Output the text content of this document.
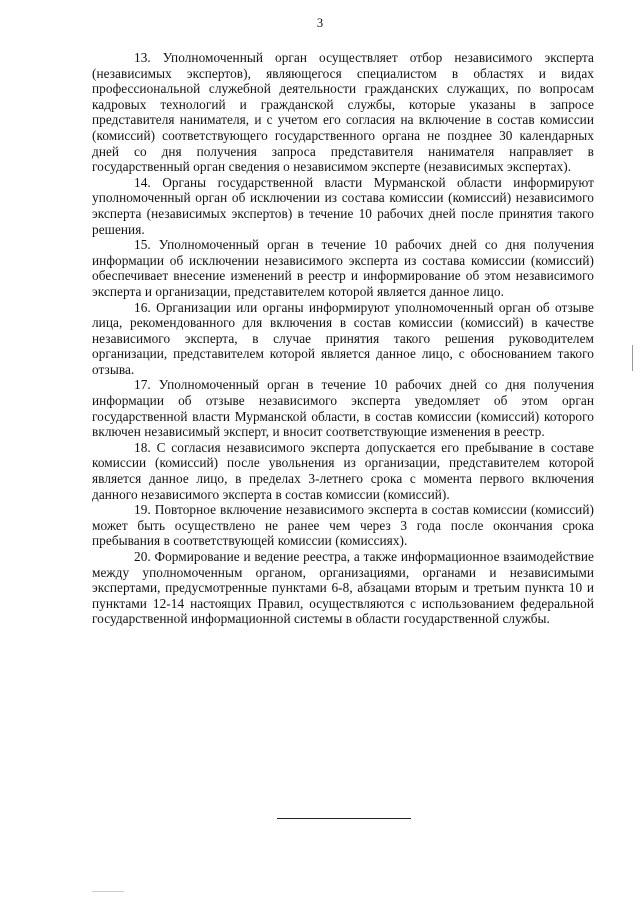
3

13. Уполномоченный орган осуществляет отбор независимого эксперта (независимых экспертов), являющегося специалистом в областях и видах профессиональной служебной деятельности гражданских служащих, по вопросам кадровых технологий и гражданской службы, которые указаны в запросе представителя нанимателя, и с учетом его согласия на включение в состав комиссии (комиссий) соответствующего государственного органа не позднее 30 календарных дней со дня получения запроса представителя нанимателя направляет в государственный орган сведения о независимом эксперте (независимых экспертах).

14. Органы государственной власти Мурманской области информируют уполномоченный орган об исключении из состава комиссии (комиссий) независимого эксперта (независимых экспертов) в течение 10 рабочих дней после принятия такого решения.

15. Уполномоченный орган в течение 10 рабочих дней со дня получения информации об исключении независимого эксперта из состава комиссии (комиссий) обеспечивает внесение изменений в реестр и информирование об этом независимого эксперта и организации, представителем которой является данное лицо.

16. Организации или органы информируют уполномоченный орган об отзыве лица, рекомендованного для включения в состав комиссии (комиссий) в качестве независимого эксперта, в случае принятия такого решения руководителем организации, представителем которой является данное лицо, с обоснованием такого отзыва.

17. Уполномоченный орган в течение 10 рабочих дней со дня получения информации об отзыве независимого эксперта уведомляет об этом орган государственной власти Мурманской области, в состав комиссии (комиссий) которого включен независимый эксперт, и вносит соответствующие изменения в реестр.

18. С согласия независимого эксперта допускается его пребывание в составе комиссии (комиссий) после увольнения из организации, представителем которой является данное лицо, в пределах 3-летнего срока с момента первого включения данного независимого эксперта в состав комиссии (комиссий).

19. Повторное включение независимого эксперта в состав комиссии (комиссий) может быть осуществлено не ранее чем через 3 года после окончания срока пребывания в соответствующей комиссии (комиссиях).

20. Формирование и ведение реестра, а также информационное взаимодействие между уполномоченным органом, организациями, органами и независимыми экспертами, предусмотренные пунктами 6-8, абзацами вторым и третьим пункта 10 и пунктами 12-14 настоящих Правил, осуществляются с использованием федеральной государственной информационной системы в области государственной службы.
